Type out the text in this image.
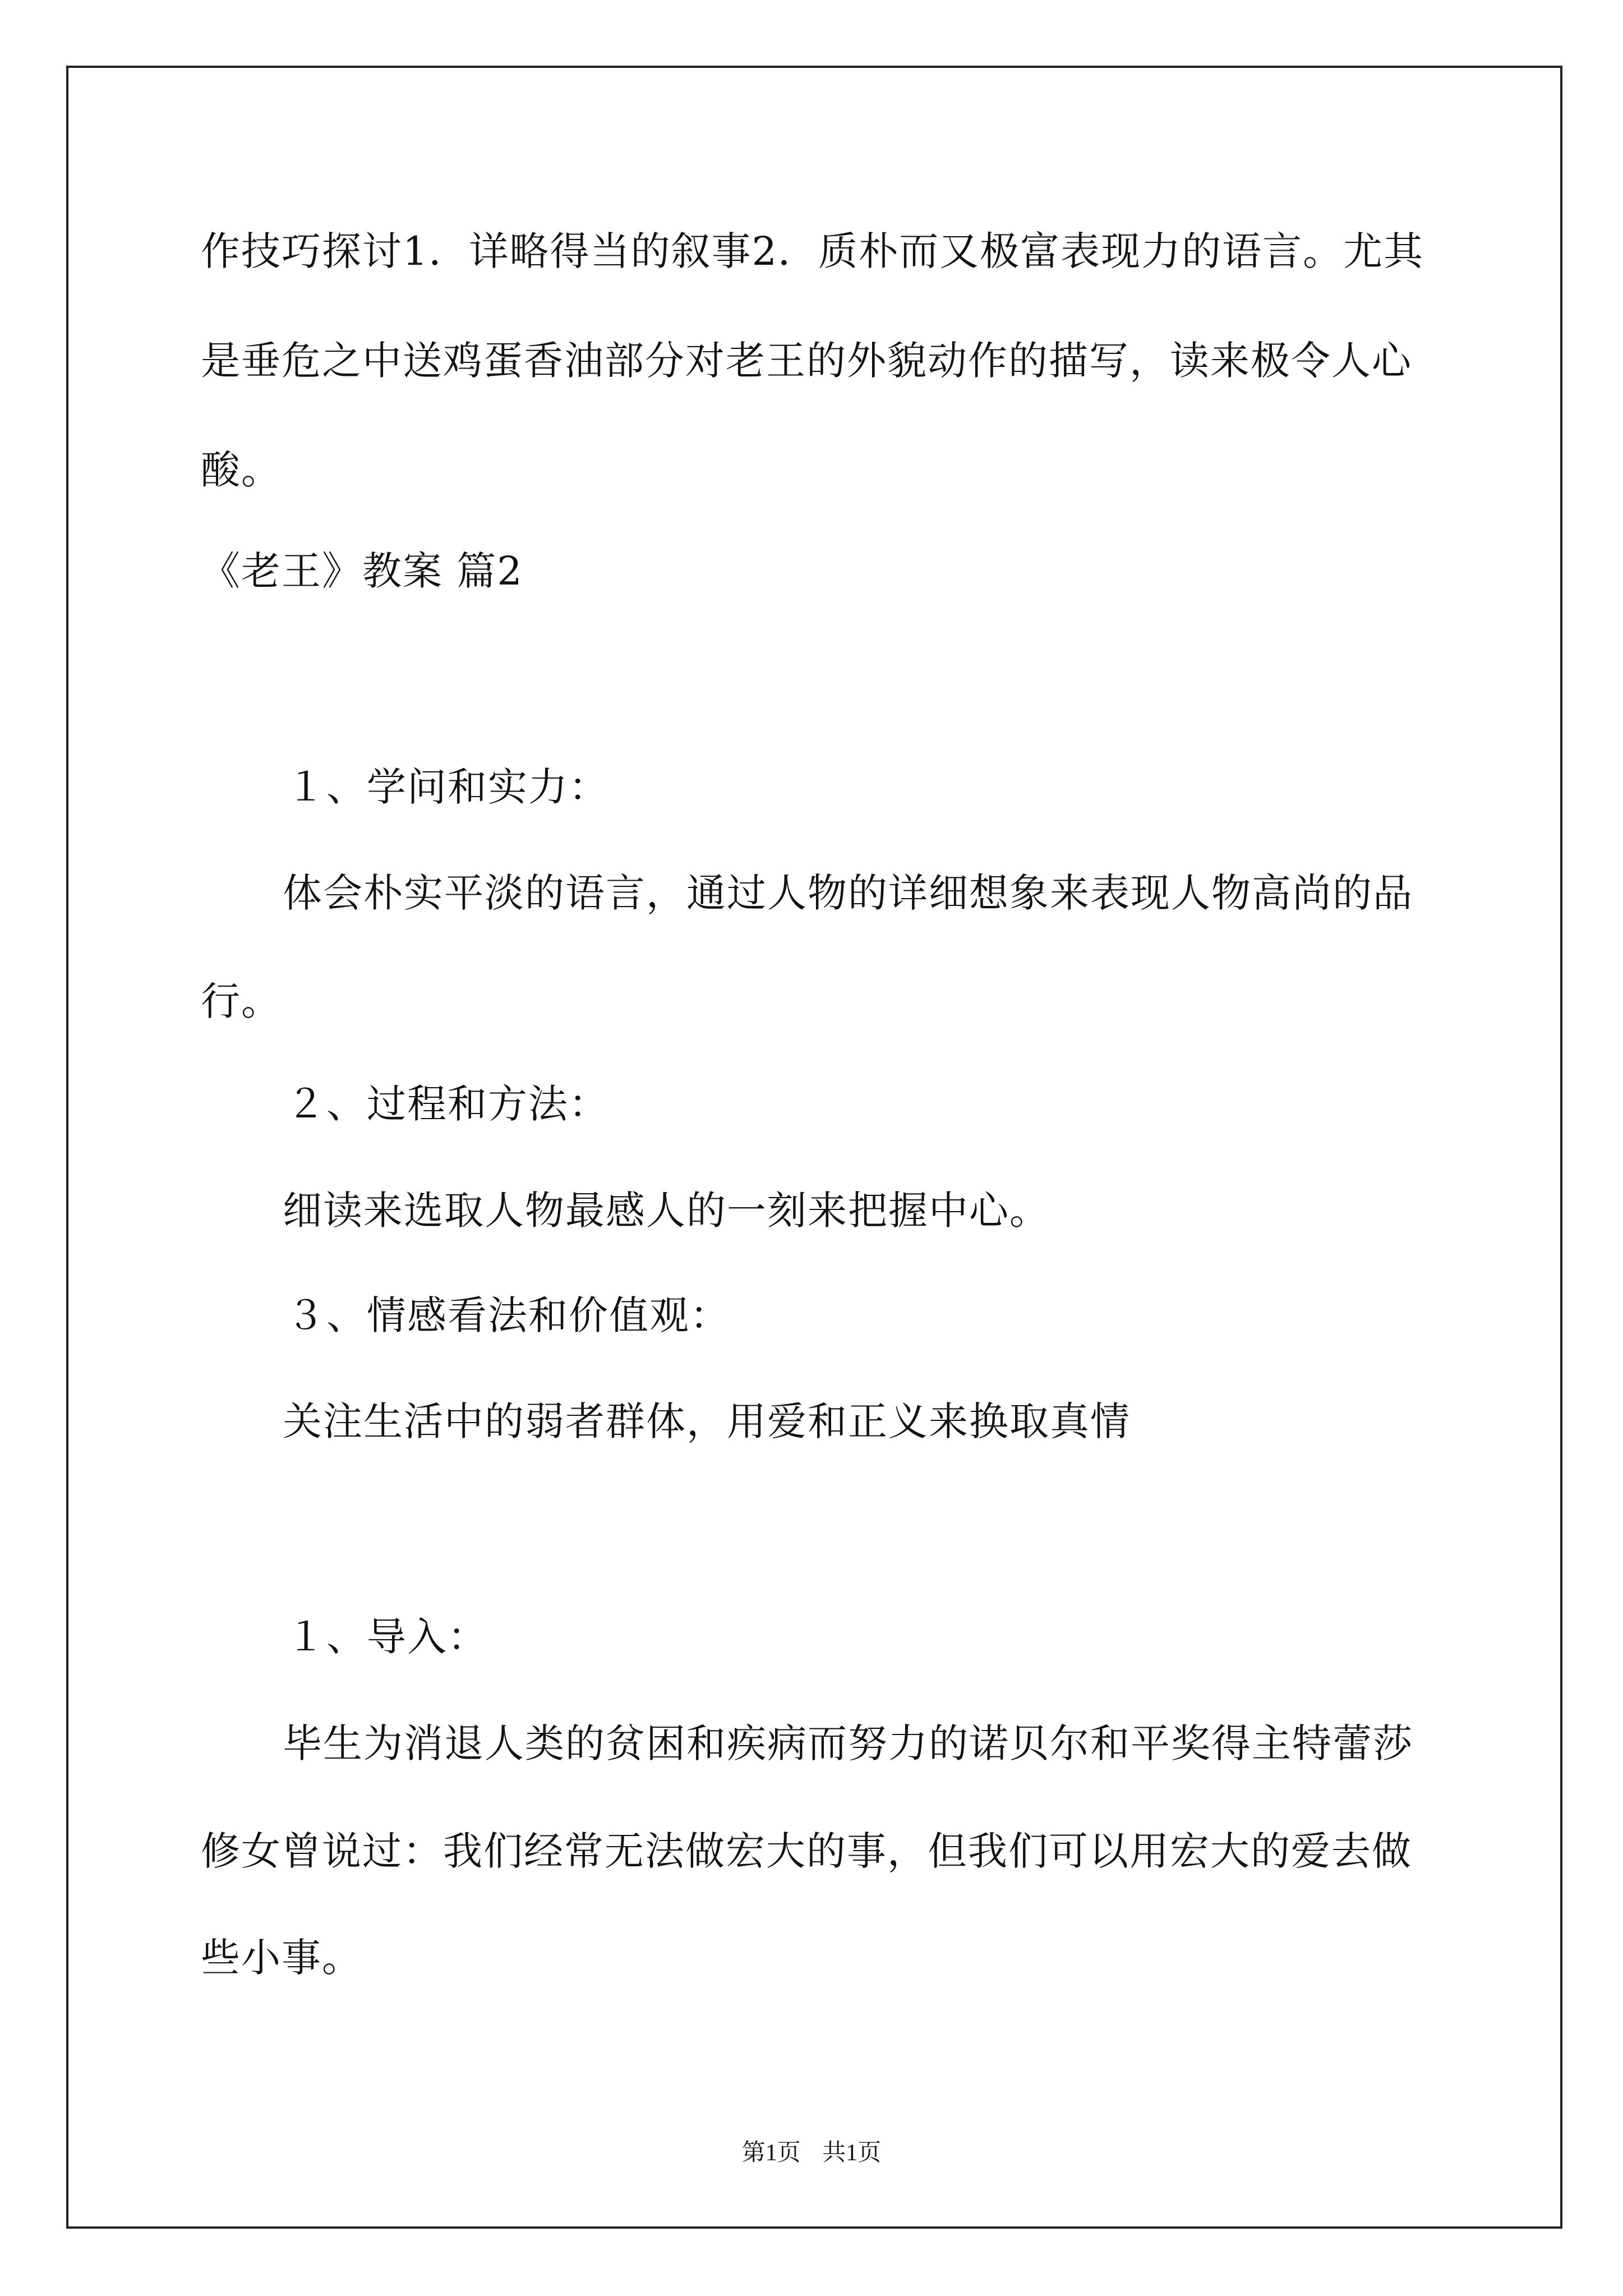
作技巧探讨1．详略得当的叙事2．质朴而又极富表现力的语言。尤其
是垂危之中送鸡蛋香油部分对老王的外貌动作的描写，读来极令人心
酸。
《老王》教案 篇2
１、学问和实力：
体会朴实平淡的语言，通过人物的详细想象来表现人物高尚的品
行。
２、过程和方法：
细读来选取人物最感人的一刻来把握中心。
３、情感看法和价值观：
关注生活中的弱者群体，用爱和正义来换取真情
１、导入：
毕生为消退人类的贫困和疾病而努力的诺贝尔和平奖得主特蕾莎
修女曾说过：我们经常无法做宏大的事，但我们可以用宏大的爱去做
些小事。
第1页 共1页
